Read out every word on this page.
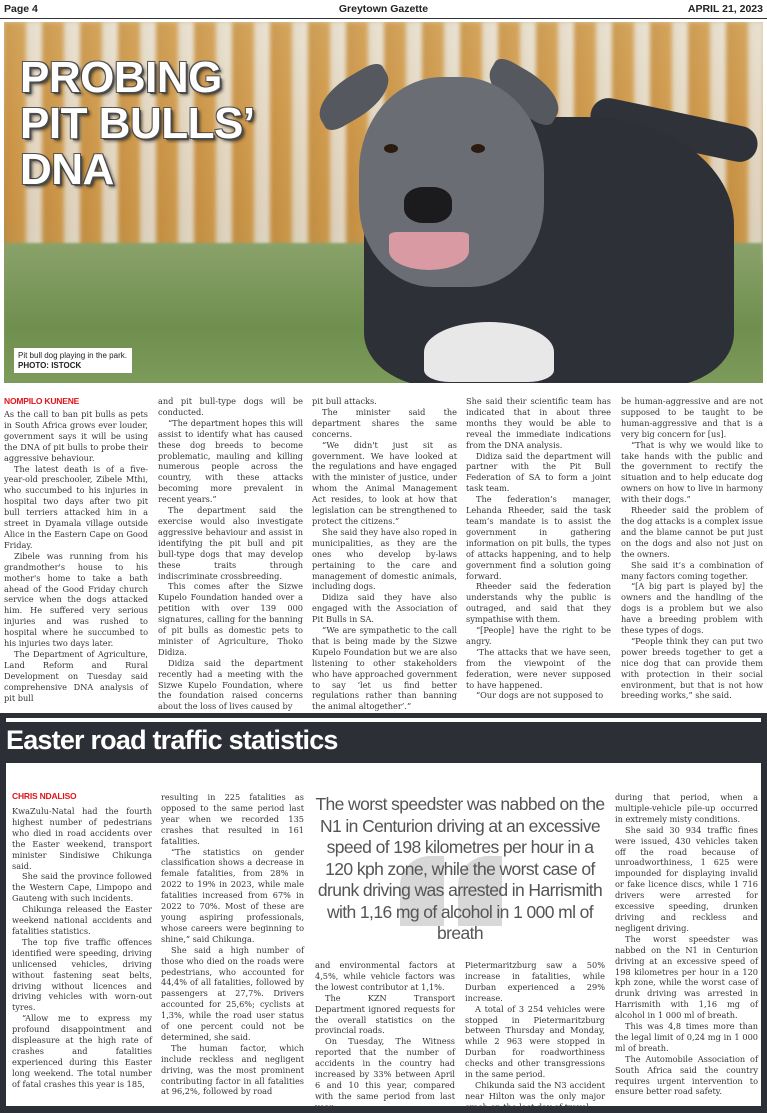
Page 4	Greytown Gazette	APRIL 21, 2023
PROBING
PIT BULLS’
DNA
Pit bull dog playing in the park.
PHOTO: ISTOCK
NOMPILO KUNENE

As the call to ban pit bulls as pets in South Africa grows ever louder, government says it will be using the DNA of pit bulls to probe their aggressive behaviour.

The latest death is of a five-year-old preschooler, Zibele Mthi, who succumbed to his injuries in hospital two days after two pit bull terriers attacked him in a street in Dyamala village outside Alice in the Eastern Cape on Good Friday.

Zibele was running from his grandmother's house to his mother's home to take a bath ahead of the Good Friday church service when the dogs attacked him. He suffered very serious injuries and was rushed to hospital where he succumbed to his injuries two days later.

The Department of Agriculture, Land Reform and Rural Development on Tuesday said comprehensive DNA analysis of pit bull

and pit bull-type dogs will be conducted.

“The department hopes this will assist to identify what has caused these dog breeds to become problematic, mauling and killing numerous people across the country, with these attacks becoming more prevalent in recent years.”

The department said the exercise would also investigate aggressive behaviour and assist in identifying the pit bull and pit bull-type dogs that may develop these traits through indiscriminate crossbreeding.

This comes after the Sizwe Kupelo Foundation handed over a petition with over 139 000 signatures, calling for the banning of pit bulls as domestic pets to minister of Agriculture, Thoko Didiza.

Didiza said the department recently had a meeting with the Sizwe Kupelo Foundation, where the foundation raised concerns about the loss of lives caused by

pit bull attacks.

The minister said the department shares the same concerns.

“We didn't just sit as government. We have looked at the regulations and have engaged with the minister of justice, under whom the Animal Management Act resides, to look at how that legislation can be strengthened to protect the citizens.”

She said they have also roped in municipalities, as they are the ones who develop by-laws pertaining to the care and management of domestic animals, including dogs.

Didiza said they have also engaged with the Association of Pit Bulls in SA.

“We are sympathetic to the call that is being made by the Sizwe Kupelo Foundation but we are also listening to other stakeholders who have approached government to say ‘let us find better regulations rather than banning the animal altogether’.”

She said their scientific team has indicated that in about three months they would be able to reveal the immediate indications from the DNA analysis.

Didiza said the department will partner with the Pit Bull Federation of SA to form a joint task team.

The federation’s manager, Lehanda Rheeder, said the task team’s mandate is to assist the government in gathering information on pit bulls, the types of attacks happening, and to help government find a solution going forward.

Rheeder said the federation understands why the public is outraged, and said that they sympathise with them.

“[People] have the right to be angry.

‘The attacks that we have seen, from the viewpoint of the federation, were never supposed to have happened.

“Our dogs are not supposed to

be human-aggressive and are not supposed to be taught to be human-aggressive and that is a very big concern for [us].

“That is why we would like to take hands with the public and the government to rectify the situation and to help educate dog owners on how to live in harmony with their dogs.”

Rheeder said the problem of the dog attacks is a complex issue and the blame cannot be put just on the dogs and also not just on the owners.

She said it’s a combination of many factors coming together.

“[A big part is played by] the owners and the handling of the dogs is a problem but we also have a breeding problem with these types of dogs.

“People think they can put two power breeds together to get a nice dog that can provide them with protection in their social environment, but that is not how breeding works,” she said.

Easter road traffic statistics
CHRIS NDALISO

KwaZulu-Natal had the fourth highest number of pedestrians who died in road accidents over the Easter weekend, transport minister Sindisiwe Chikunga said.

She said the province followed the Western Cape, Limpopo and Gauteng with such incidents.

Chikunga released the Easter weekend national accidents and fatalities statistics.

The top five traffic offences identified were speeding, driving unlicensed vehicles, driving without fastening seat belts, driving without licences and driving vehicles with worn-out tyres.

“Allow me to express my profound disappointment and displeasure at the high rate of crashes and fatalities experienced during this Easter long weekend. The total number of fatal crashes this year is 185,

resulting in 225 fatalities as opposed to the same period last year when we recorded 135 crashes that resulted in 161 fatalities.

“The statistics on gender classification shows a decrease in female fatalities, from 28% in 2022 to 19% in 2023, while male fatalities increased from 67% in 2022 to 70%. Most of these are young aspiring professionals, whose careers were beginning to shine,” said Chikunga.

She said a high number of those who died on the roads were pedestrians, who accounted for 44,4% of all fatalities, followed by passengers at 27,7%. Drivers accounted for 25,6%; cyclists at 1,3%, while the road user status of one percent could not be determined, she said.

The human factor, which include reckless and negligent driving, was the most prominent contributing factor in all fatalities at 96,2%, followed by road

The worst speedster was nabbed on the N1 in Centurion driving at an excessive speed of 198 kilometres per hour in a 120 kph zone, while the worst case of drunk driving was arrested in Harrismith with 1,16 mg of alcohol in 1 000 ml of breath

and environmental factors at 4,5%, while vehicle factors was the lowest contributor at 1,1%.

The KZN Transport Department ignored requests for the overall statistics on the provincial roads.

On Tuesday, The Witness reported that the number of accidents in the country had increased by 33% between April 6 and 10 this year, compared with the same period from last year.

Pietermaritzburg saw a 50% increase in fatalities, while Durban experienced a 29% increase.

A total of 3 254 vehicles were stopped in Pietermaritzburg between Thursday and Monday, while 2 963 were stopped in Durban for roadworthiness checks and other transgressions in the same period.

Chikunda said the N3 accident near Hilton was the only major crash on the last day of travel

during that period, when a multiple-vehicle pile-up occurred in extremely misty conditions.

She said 30 934 traffic fines were issued, 430 vehicles taken off the road because of unroadworthiness, 1 625 were impounded for displaying invalid or fake licence discs, while 1 716 drivers were arrested for excessive speeding, drunken driving and reckless and negligent driving.

The worst speedster was nabbed on the N1 in Centurion driving at an excessive speed of 198 kilometres per hour in a 120 kph zone, while the worst case of drunk driving was arrested in Harrismith with 1,16 mg of alcohol in 1 000 ml of breath.

This was 4,8 times more than the legal limit of 0,24 mg in 1 000 ml of breath.

The Automobile Association of South Africa said the country requires urgent intervention to ensure better road safety.
